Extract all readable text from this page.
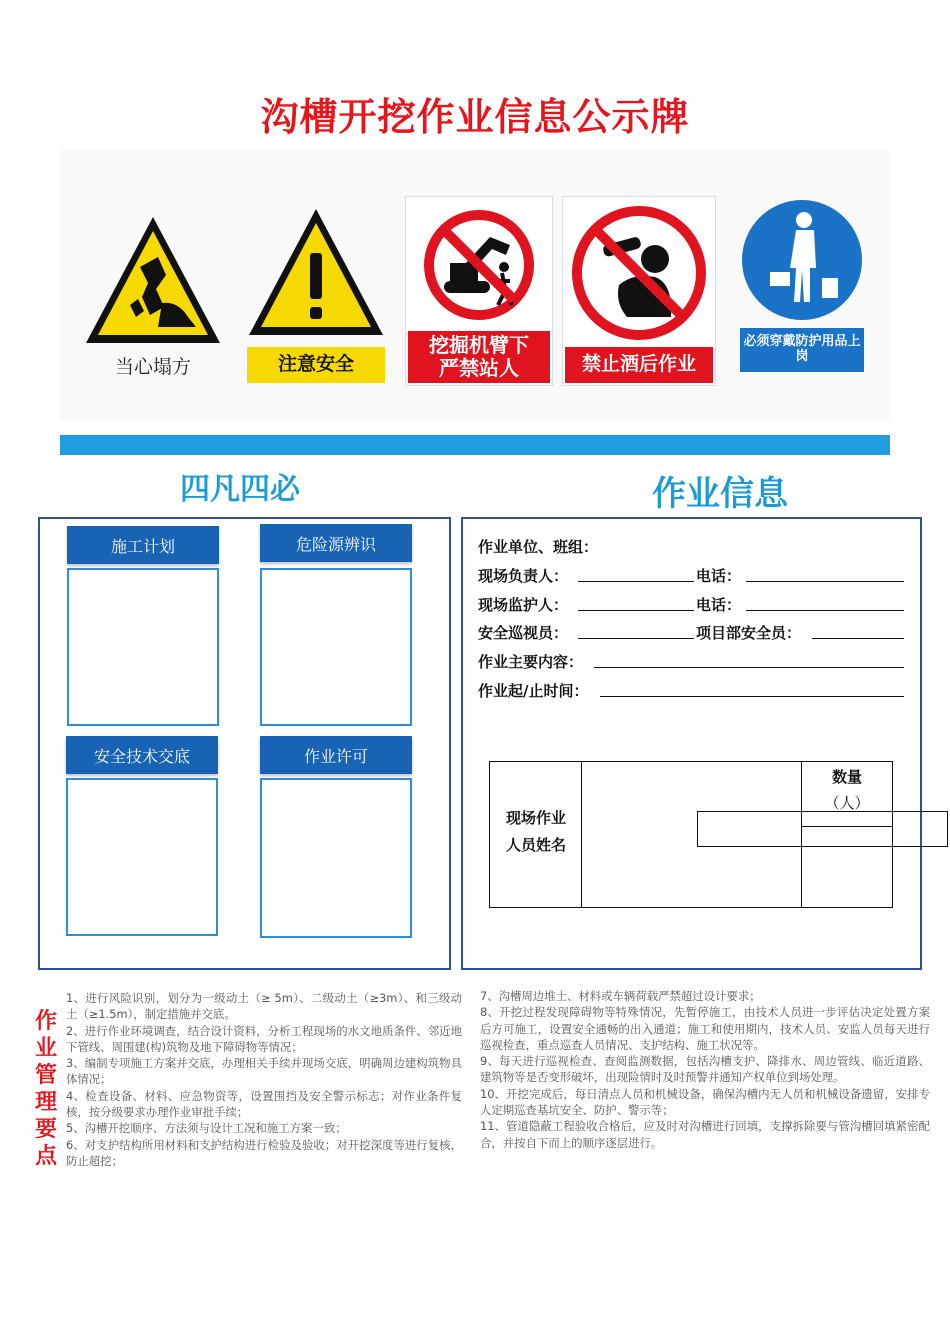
沟槽开挖作业信息公示牌
当心塌方	注意安全
挖掘机臂下
严禁站人	禁止酒后作业
必须穿戴防护用品上岗
四凡四必	作业信息
施工计划	危险源辨识
安全技术交底	作业许可
作业单位、班组：
现场负责人：	电话：
现场监护人：	电话：
安全巡视员：	项目部安全员：
作业主要内容：
作业起/止时间：
现场作业
人员姓名
数量
（人）
作业管理要点

1、进行风险识别，划分为一级动土（≥ 5m）、二级动土（≥3m）、和三级动土（≥1.5m），制定措施并交底。

2、进行作业环境调查，结合设计资料，分析工程现场的水文地质条件、邻近地下管线、周围建(构)筑物及地下障碍物等情况；

3、编制专项施工方案并交底，办理相关手续并现场交底，明确周边建构筑物具体情况；

4、检查设备、材料、应急物资等，设置围挡及安全警示标志；对作业条件复核，按分级要求办理作业审批手续；

5、沟槽开挖顺序、方法须与设计工况和施工方案一致；

6、对支护结构所用材料和支护结构进行检验及验收；对开挖深度等进行复核，防止超挖；

7、沟槽周边堆土、材料或车辆荷载严禁超过设计要求；

8、开挖过程发现障碍物等特殊情况，先暂停施工，由技术人员进一步评估决定处置方案后方可施工，设置安全通畅的出入通道；施工和使用期内，技术人员、安监人员每天进行巡视检查，重点巡查人员情况、支护结构、施工状况等。

9、每天进行巡视检查、查阅监测数据，包括沟槽支护、降排水、周边管线、临近道路、建筑物等是否变形破坏，出现险情时及时预警并通知产权单位到场处理。

10、开挖完成后，每日清点人员和机械设备，确保沟槽内无人员和机械设备遗留，安排专人定期巡查基坑安全、防护、警示等；

11、管道隐蔽工程验收合格后，应及时对沟槽进行回填，支撑拆除要与管沟槽回填紧密配合，并按自下而上的顺序逐层进行。
